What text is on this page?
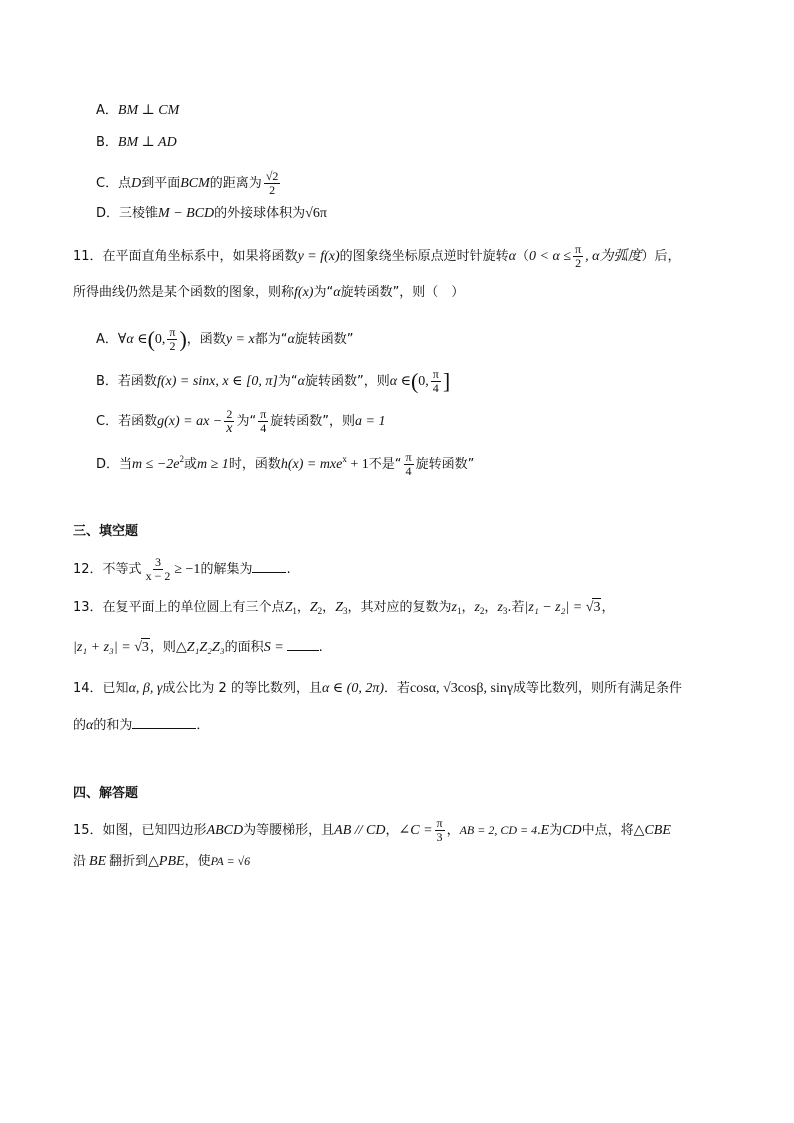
A．BM ⊥ CM
B．BM ⊥ AD
C．点D到平面BCM的距离为 $\frac{√2}{2}$
D．三棱锥M − BCD的外接球体积为√6π
11．在平面直角坐标系中，如果将函数y = f(x)的图象绕坐标原点逆时针旋转$\alpha(0 < \alpha \le \frac{\pi}{2}$ , α为弧度）后，
所得曲线仍然是某个函数的图象，则称f(x)为“α旋转函数”，则（　）
A．∀α ∈(0, $\frac{\pi}{2}$ )，函数y = x都为“α旋转函数”
B．若函数f(x) = sinx, x ∈ [0, π]为“α旋转函数”，则α ∈(0, $\frac{\pi}{4}$ ]
C．若函数g(x) = ax − $\frac{2}{x}$ 为“ $\frac{\pi}{4}$ 旋转函数”，则a = 1
D．当$m \le -2e^2$或m ≥ 1时，函数h(x) = mxe$^x$ + 1不是“ $\frac{\pi}{4}$ 旋转函数”
三、填空题
12．不等式 $\frac{3}{x - 2} \ge -1$的解集为	.
13．在复平面上的单位圆上有三个点$Z_1$，$Z_2$，$Z_3$，其对应的复数为$z_1$，$z_2$，$z_3$.若|z₁ − z₂| = √3，
|z₁ + z₃| = √3，则△Z₁Z₂Z₃的面积S =	.
14．已知α, β, γ成公比为 2 的等比数列，且α ∈ (0, 2π)．若cosα, √3cosβ, sinγ成等比数列，则所有满足条件
的α的和为	．
四、解答题
15．如图，已知四边形ABCD为等腰梯形，且AB // CD，∠C = $\frac{\pi}{3}$ ，AB = 2, CD = 4.E为CD中点，将△CBE
沿 BE 翻折到△PBE，使PA = √6
